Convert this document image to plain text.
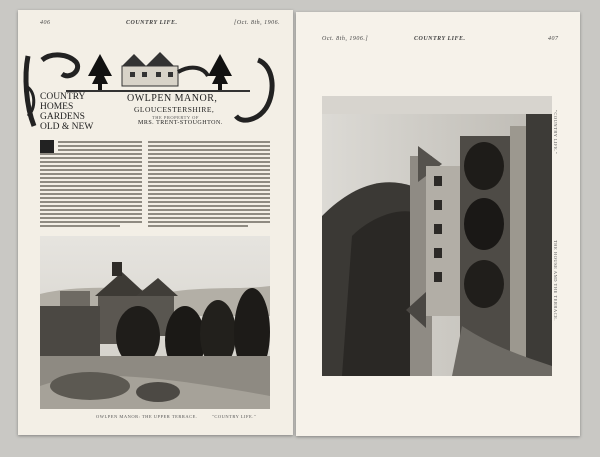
406	COUNTRY LIFE.	[Oct. 8th, 1906.
COUNTRY
HOMES
GARDENS
OLD & NEW
OWLPEN MANOR,
GLOUCESTERSHIRE,
THE PROPERTY OF
MRS. TRENT-STOUGHTON.
OWLPEN MANOR: THE UPPER TERRACE.	"COUNTRY LIFE."
Oct. 8th, 1906.]	COUNTRY LIFE.	407
THE HOUSE AND THE TERRACE.
"COUNTRY LIFE."
